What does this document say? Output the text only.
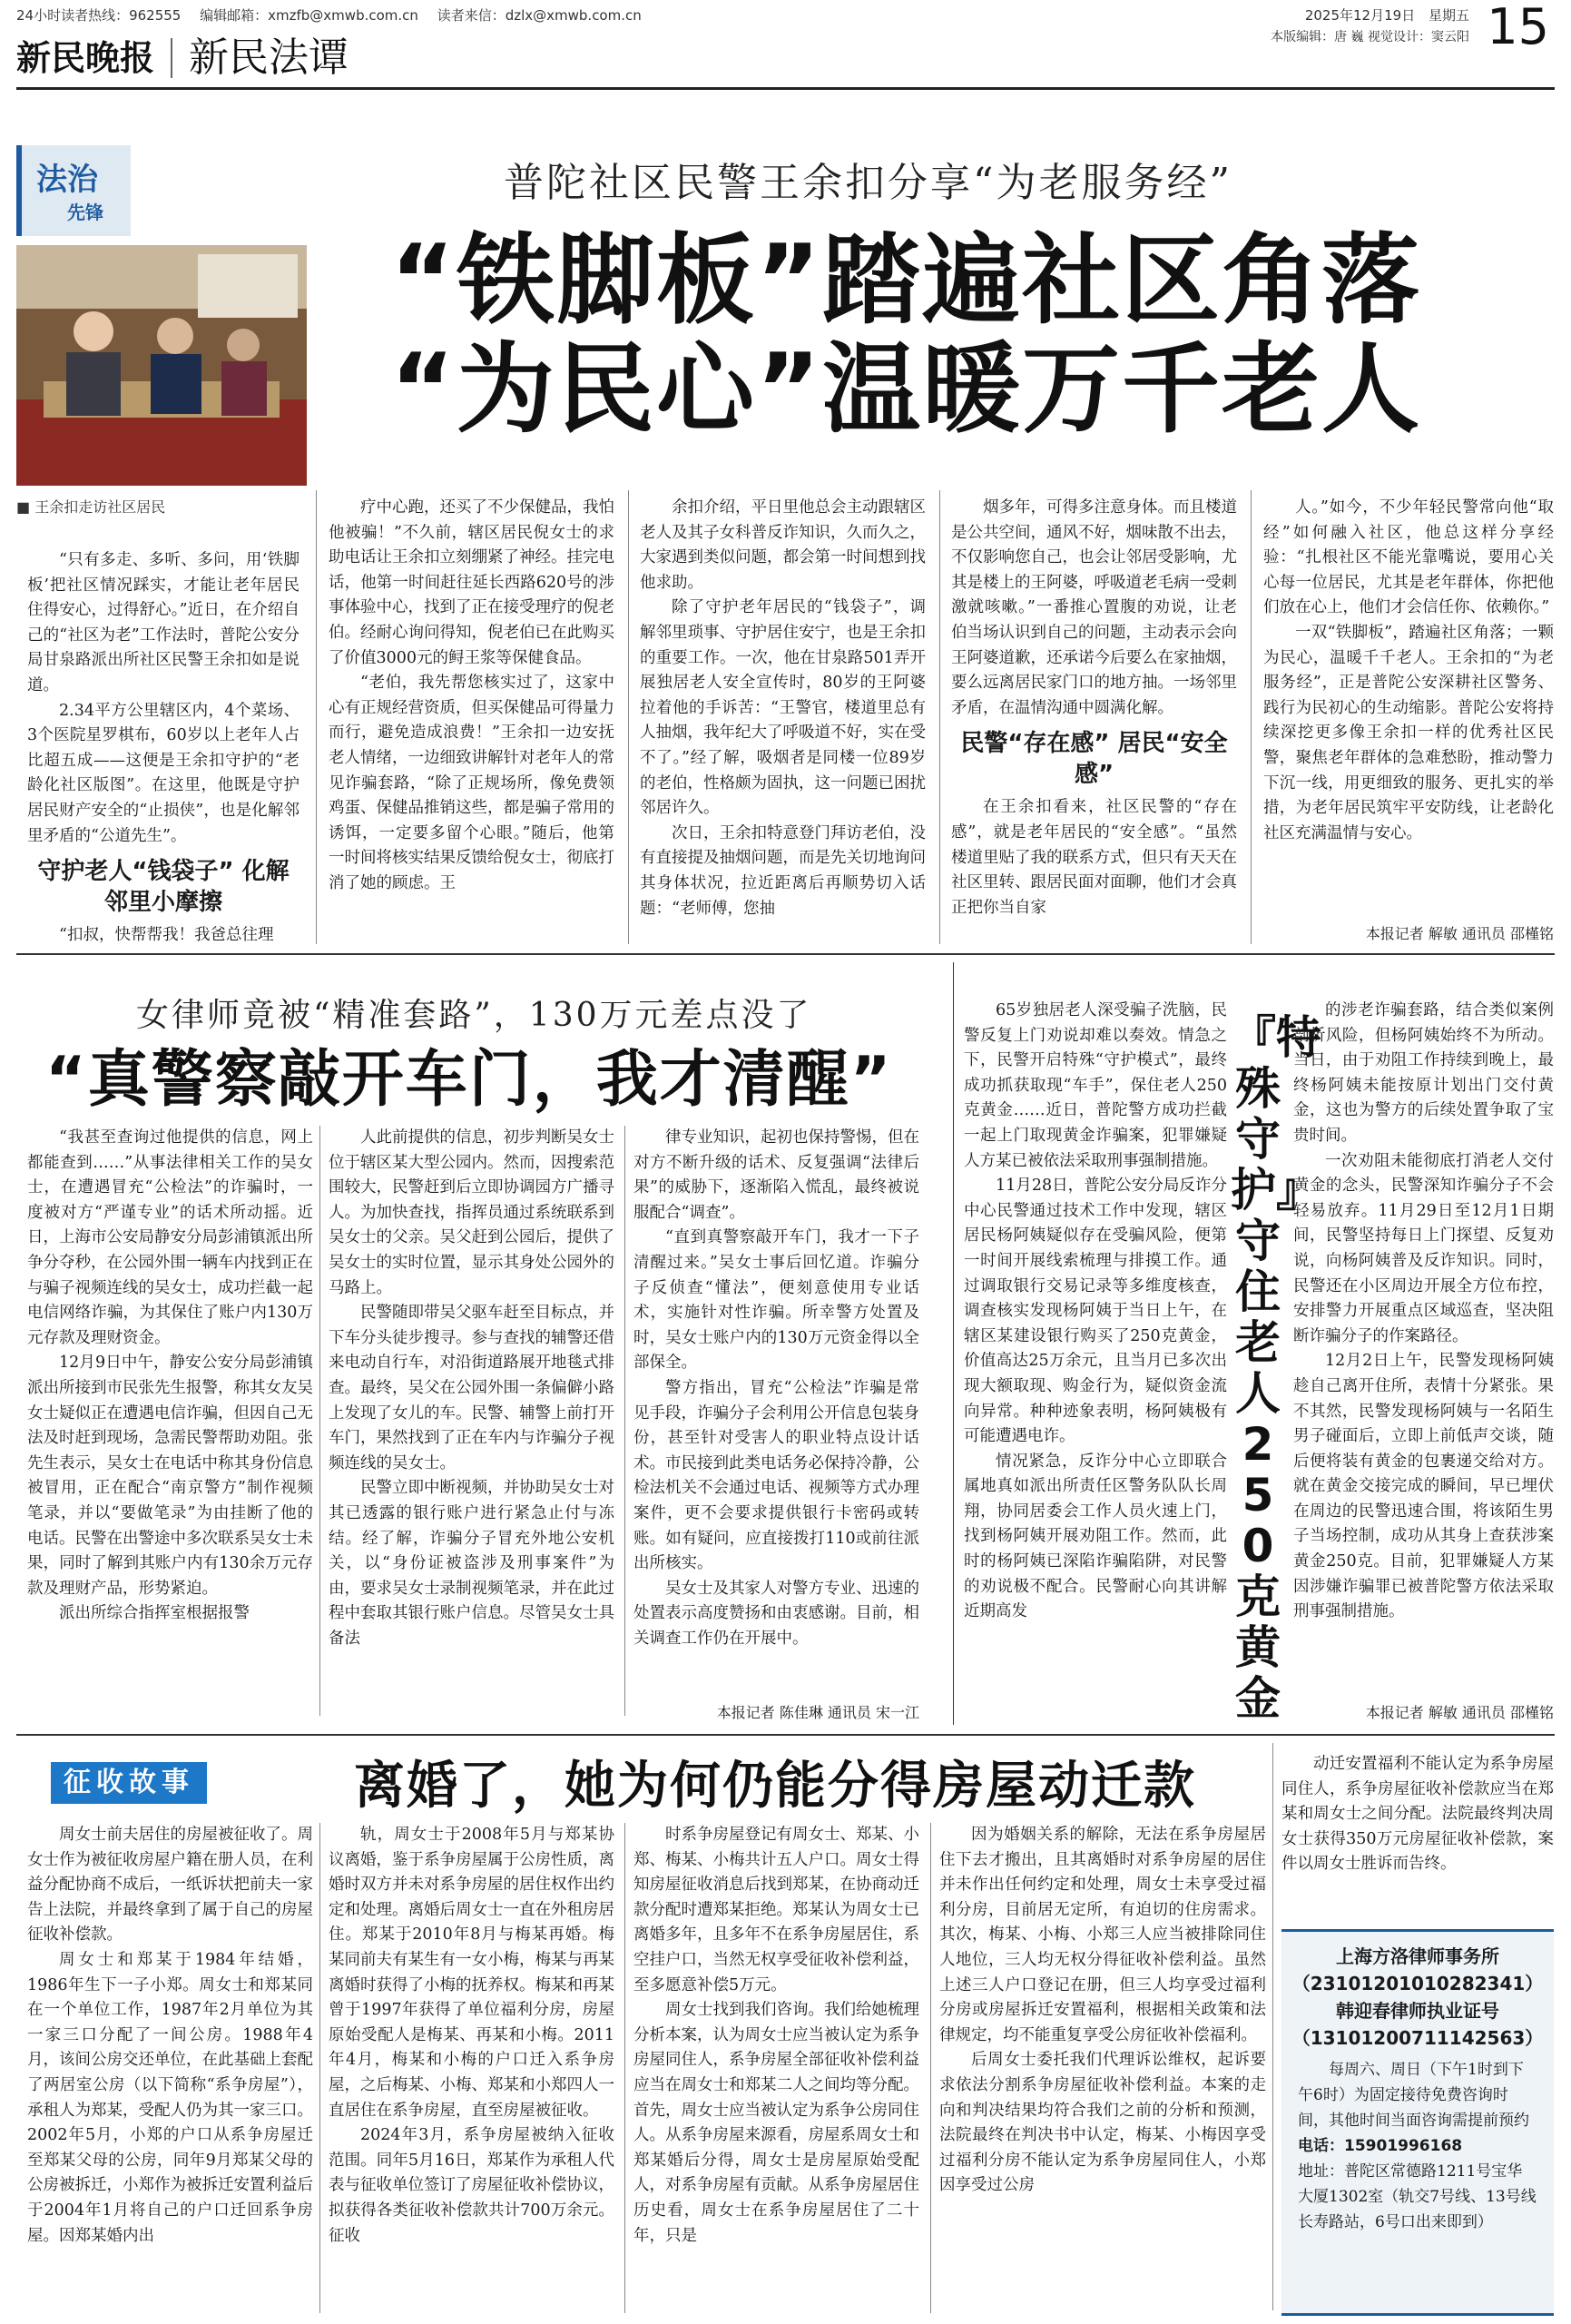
24小时读者热线：962555 编辑邮箱：xmzfb@xmwb.com.cn 读者来信：dzlx@xmwb.com.cn	2025年12月19日 星期五 15
本版编辑：唐 巍 视觉设计：窦云阳
新民晚报 新民法谭
法治
先锋
■ 王余扣走访社区居民
普陀社区民警王余扣分享“为老服务经”
“铁脚板”踏遍社区角落
“为民心”温暖万千老人

“只有多走、多听、多问，用‘铁脚板’把社区情况踩实，才能让老年居民住得安心，过得舒心。”近日，在介绍自己的“社区为老”工作法时，普陀公安分局甘泉路派出所社区民警王余扣如是说道。

2.34平方公里辖区内，4个菜场、3个医院星罗棋布，60岁以上老年人占比超五成——这便是王余扣守护的“老龄化社区版图”。在这里，他既是守护居民财产安全的“止损侠”，也是化解邻里矛盾的“公道先生”。

守护老人“钱袋子” 化解邻里小摩擦

“扣叔，快帮帮我！我爸总往理

疗中心跑，还买了不少保健品，我怕他被骗！”不久前，辖区居民倪女士的求助电话让王余扣立刻绷紧了神经。挂完电话，他第一时间赶往延长西路620号的涉事体验中心，找到了正在接受理疗的倪老伯。经耐心询问得知，倪老伯已在此购买了价值3000元的鲟王浆等保健食品。

“老伯，我先帮您核实过了，这家中心有正规经营资质，但买保健品可得量力而行，避免造成浪费！”王余扣一边安抚老人情绪，一边细致讲解针对老年人的常见诈骗套路，“除了正规场所，像免费领鸡蛋、保健品推销这些，都是骗子常用的诱饵，一定要多留个心眼。”随后，他第一时间将核实结果反馈给倪女士，彻底打消了她的顾虑。王

余扣介绍，平日里他总会主动跟辖区老人及其子女科普反诈知识，久而久之，大家遇到类似问题，都会第一时间想到找他求助。

除了守护老年居民的“钱袋子”，调解邻里琐事、守护居住安宁，也是王余扣的重要工作。一次，他在甘泉路501弄开展独居老人安全宣传时，80岁的王阿婆拉着他的手诉苦：“王警官，楼道里总有人抽烟，我年纪大了呼吸道不好，实在受不了。”经了解，吸烟者是同楼一位89岁的老伯，性格颇为固执，这一问题已困扰邻居许久。

次日，王余扣特意登门拜访老伯，没有直接提及抽烟问题，而是先关切地询问其身体状况，拉近距离后再顺势切入话题：“老师傅，您抽

烟多年，可得多注意身体。而且楼道是公共空间，通风不好，烟味散不出去，不仅影响您自己，也会让邻居受影响，尤其是楼上的王阿婆，呼吸道老毛病一受刺激就咳嗽。”一番推心置腹的劝说，让老伯当场认识到自己的问题，主动表示会向王阿婆道歉，还承诺今后要么在家抽烟，要么远离居民家门口的地方抽。一场邻里矛盾，在温情沟通中圆满化解。

民警“存在感” 居民“安全感”

在王余扣看来，社区民警的“存在感”，就是老年居民的“安全感”。“虽然楼道里贴了我的联系方式，但只有天天在社区里转、跟居民面对面聊，他们才会真正把你当自家

人。”如今，不少年轻民警常向他“取经”如何融入社区，他总这样分享经验：“扎根社区不能光靠嘴说，要用心关心每一位居民，尤其是老年群体，你把他们放在心上，他们才会信任你、依赖你。”

一双“铁脚板”，踏遍社区角落；一颗为民心，温暖千千老人。王余扣的“为老服务经”，正是普陀公安深耕社区警务、践行为民初心的生动缩影。普陀公安将持续深挖更多像王余扣一样的优秀社区民警，聚焦老年群体的急难愁盼，推动警力下沉一线，用更细致的服务、更扎实的举措，为老年居民筑牢平安防线，让老龄化社区充满温情与安心。

本报记者 解敏 通讯员 邵槿铭
女律师竟被“精准套路”，130万元差点没了
“真警察敲开车门，我才清醒”

“我甚至查询过他提供的信息，网上都能查到……”从事法律相关工作的吴女士，在遭遇冒充“公检法”的诈骗时，一度被对方“严谨专业”的话术所动摇。近日，上海市公安局静安分局彭浦镇派出所争分夺秒，在公园外围一辆车内找到正在与骗子视频连线的吴女士，成功拦截一起电信网络诈骗，为其保住了账户内130万元存款及理财资金。

12月9日中午，静安公安分局彭浦镇派出所接到市民张先生报警，称其女友吴女士疑似正在遭遇电信诈骗，但因自己无法及时赶到现场，急需民警帮助劝阻。张先生表示，吴女士在电话中称其身份信息被冒用，正在配合“南京警方”制作视频笔录，并以“要做笔录”为由挂断了他的电话。民警在出警途中多次联系吴女士未果，同时了解到其账户内有130余万元存款及理财产品，形势紧迫。

派出所综合指挥室根据报警

人此前提供的信息，初步判断吴女士位于辖区某大型公园内。然而，因搜索范围较大，民警赶到后立即协调园方广播寻人。为加快查找，指挥员通过系统联系到吴女士的父亲。吴父赶到公园后，提供了吴女士的实时位置，显示其身处公园外的马路上。

民警随即带吴父驱车赶至目标点，并下车分头徒步搜寻。参与查找的辅警还借来电动自行车，对沿街道路展开地毯式排查。最终，吴父在公园外围一条偏僻小路上发现了女儿的车。民警、辅警上前打开车门，果然找到了正在车内与诈骗分子视频连线的吴女士。

民警立即中断视频，并协助吴女士对其已透露的银行账户进行紧急止付与冻结。经了解，诈骗分子冒充外地公安机关，以“身份证被盗涉及刑事案件”为由，要求吴女士录制视频笔录，并在此过程中套取其银行账户信息。尽管吴女士具备法

律专业知识，起初也保持警惕，但在对方不断升级的话术、反复强调“法律后果”的威胁下，逐渐陷入慌乱，最终被说服配合“调查”。

“直到真警察敲开车门，我才一下子清醒过来。”吴女士事后回忆道。诈骗分子反侦查“懂法”，便刻意使用专业话术，实施针对性诈骗。所幸警方处置及时，吴女士账户内的130万元资金得以全部保全。

警方指出，冒充“公检法”诈骗是常见手段，诈骗分子会利用公开信息包装身份，甚至针对受害人的职业特点设计话术。市民接到此类电话务必保持冷静，公检法机关不会通过电话、视频等方式办理案件，更不会要求提供银行卡密码或转账。如有疑问，应直接拨打110或前往派出所核实。

吴女士及其家人对警方专业、迅速的处置表示高度赞扬和由衷感谢。目前，相关调查工作仍在开展中。

本报记者 陈佳琳 通讯员 宋一江

65岁独居老人深受骗子洗脑，民警反复上门劝说却难以奏效。情急之下，民警开启特殊“守护模式”，最终成功抓获取现“车手”，保住老人250克黄金……近日，普陀警方成功拦截一起上门取现黄金诈骗案，犯罪嫌疑人方某已被依法采取刑事强制措施。

11月28日，普陀公安分局反诈分中心民警通过技术工作中发现，辖区居民杨阿姨疑似存在受骗风险，便第一时间开展线索梳理与排摸工作。通过调取银行交易记录等多维度核查，调查核实发现杨阿姨于当日上午，在辖区某建设银行购买了250克黄金，价值高达25万余元，且当月已多次出现大额取现、购金行为，疑似资金流向异常。种种迹象表明，杨阿姨极有可能遭遇电诈。

情况紧急，反诈分中心立即联合属地真如派出所责任区警务队队长周翔，协同居委会工作人员火速上门，找到杨阿姨开展劝阻工作。然而，此时的杨阿姨已深陷诈骗陷阱，对民警的劝说极不配合。民警耐心向其讲解近期高发

『特殊守护』守住老人250克黄金

的涉老诈骗套路，结合类似案例剖析风险，但杨阿姨始终不为所动。当日，由于劝阻工作持续到晚上，最终杨阿姨未能按原计划出门交付黄金，这也为警方的后续处置争取了宝贵时间。

一次劝阻未能彻底打消老人交付黄金的念头，民警深知诈骗分子不会轻易放弃。11月29日至12月1日期间，民警坚持每日上门探望、反复劝说，向杨阿姨普及反诈知识。同时，民警还在小区周边开展全方位布控，安排警力开展重点区域巡查，坚决阻断诈骗分子的作案路径。

12月2日上午，民警发现杨阿姨趁自己离开住所，表情十分紧张。果不其然，民警发现杨阿姨与一名陌生男子碰面后，立即上前低声交谈，随后便将装有黄金的包裹递交给对方。就在黄金交接完成的瞬间，早已埋伏在周边的民警迅速合围，将该陌生男子当场控制，成功从其身上查获涉案黄金250克。目前，犯罪嫌疑人方某因涉嫌诈骗罪已被普陀警方依法采取刑事强制措施。

本报记者 解敏 通讯员 邵槿铭
征收故事	离婚了，她为何仍能分得房屋动迁款

周女士前夫居住的房屋被征收了。周女士作为被征收房屋户籍在册人员，在利益分配协商不成后，一纸诉状把前夫一家告上法院，并最终拿到了属于自己的房屋征收补偿款。

周女士和郑某于1984年结婚，1986年生下一子小郑。周女士和郑某同在一个单位工作，1987年2月单位为其一家三口分配了一间公房。1988年4月，该间公房交还单位，在此基础上套配了两居室公房（以下简称“系争房屋”），承租人为郑某，受配人仍为其一家三口。2002年5月，小郑的户口从系争房屋迁至郑某父母的公房，同年9月郑某父母的公房被拆迁，小郑作为被拆迁安置利益后于2004年1月将自己的户口迁回系争房屋。因郑某婚内出

轨，周女士于2008年5月与郑某协议离婚，鉴于系争房屋属于公房性质，离婚时双方并未对系争房屋的居住权作出约定和处理。离婚后周女士一直在外租房居住。郑某于2010年8月与梅某再婚。梅某同前夫有某生有一女小梅，梅某与再某离婚时获得了小梅的抚养权。梅某和再某曾于1997年获得了单位福利分房，房屋原始受配人是梅某、再某和小梅。2011年4月，梅某和小梅的户口迁入系争房屋，之后梅某、小梅、郑某和小郑四人一直居住在系争房屋，直至房屋被征收。

2024年3月，系争房屋被纳入征收范围。同年5月16日，郑某作为承租人代表与征收单位签订了房屋征收补偿协议，拟获得各类征收补偿款共计700万余元。征收

时系争房屋登记有周女士、郑某、小郑、梅某、小梅共计五人户口。周女士得知房屋征收消息后找到郑某，在协商动迁款分配时遭郑某拒绝。郑某认为周女士已离婚多年，且多年不在系争房屋居住，系空挂户口，当然无权享受征收补偿利益，至多愿意补偿5万元。

周女士找到我们咨询。我们给她梳理分析本案，认为周女士应当被认定为系争房屋同住人，系争房屋全部征收补偿利益应当在周女士和郑某二人之间均等分配。首先，周女士应当被认定为系争公房同住人。从系争房屋来源看，房屋系周女士和郑某婚后分得，周女士是房屋原始受配人，对系争房屋有贡献。从系争房屋居住历史看，周女士在系争房屋居住了二十年，只是

因为婚姻关系的解除，无法在系争房屋居住下去才搬出，且其离婚时对系争房屋的居住并未作出任何约定和处理，周女士未享受过福利分房，目前居无定所，有迫切的住房需求。其次，梅某、小梅、小郑三人应当被排除同住人地位，三人均无权分得征收补偿利益。虽然上述三人户口登记在册，但三人均享受过福利分房或房屋拆迁安置福利，根据相关政策和法律规定，均不能重复享受公房征收补偿福利。

后周女士委托我们代理诉讼维权，起诉要求依法分割系争房屋征收补偿利益。本案的走向和判决结果均符合我们之前的分析和预测，法院最终在判决书中认定，梅某、小梅因享受过福利分房不能认定为系争房屋同住人，小郑因享受过公房

动迁安置福利不能认定为系争房屋同住人，系争房屋征收补偿款应当在郑某和周女士之间分配。法院最终判决周女士获得350万元房屋征收补偿款，案件以周女士胜诉而告终。

上海方洛律师事务所
（23101201010282341）
韩迎春律师执业证号
（13101200711142563）
每周六、周日（下午1时到下午6时）为固定接待免费咨询时间，其他时间当面咨询需提前预约
电话：15901996168
地址：普陀区常德路1211号宝华大厦1302室（轨交7号线、13号线长寿路站，6号口出来即到）
